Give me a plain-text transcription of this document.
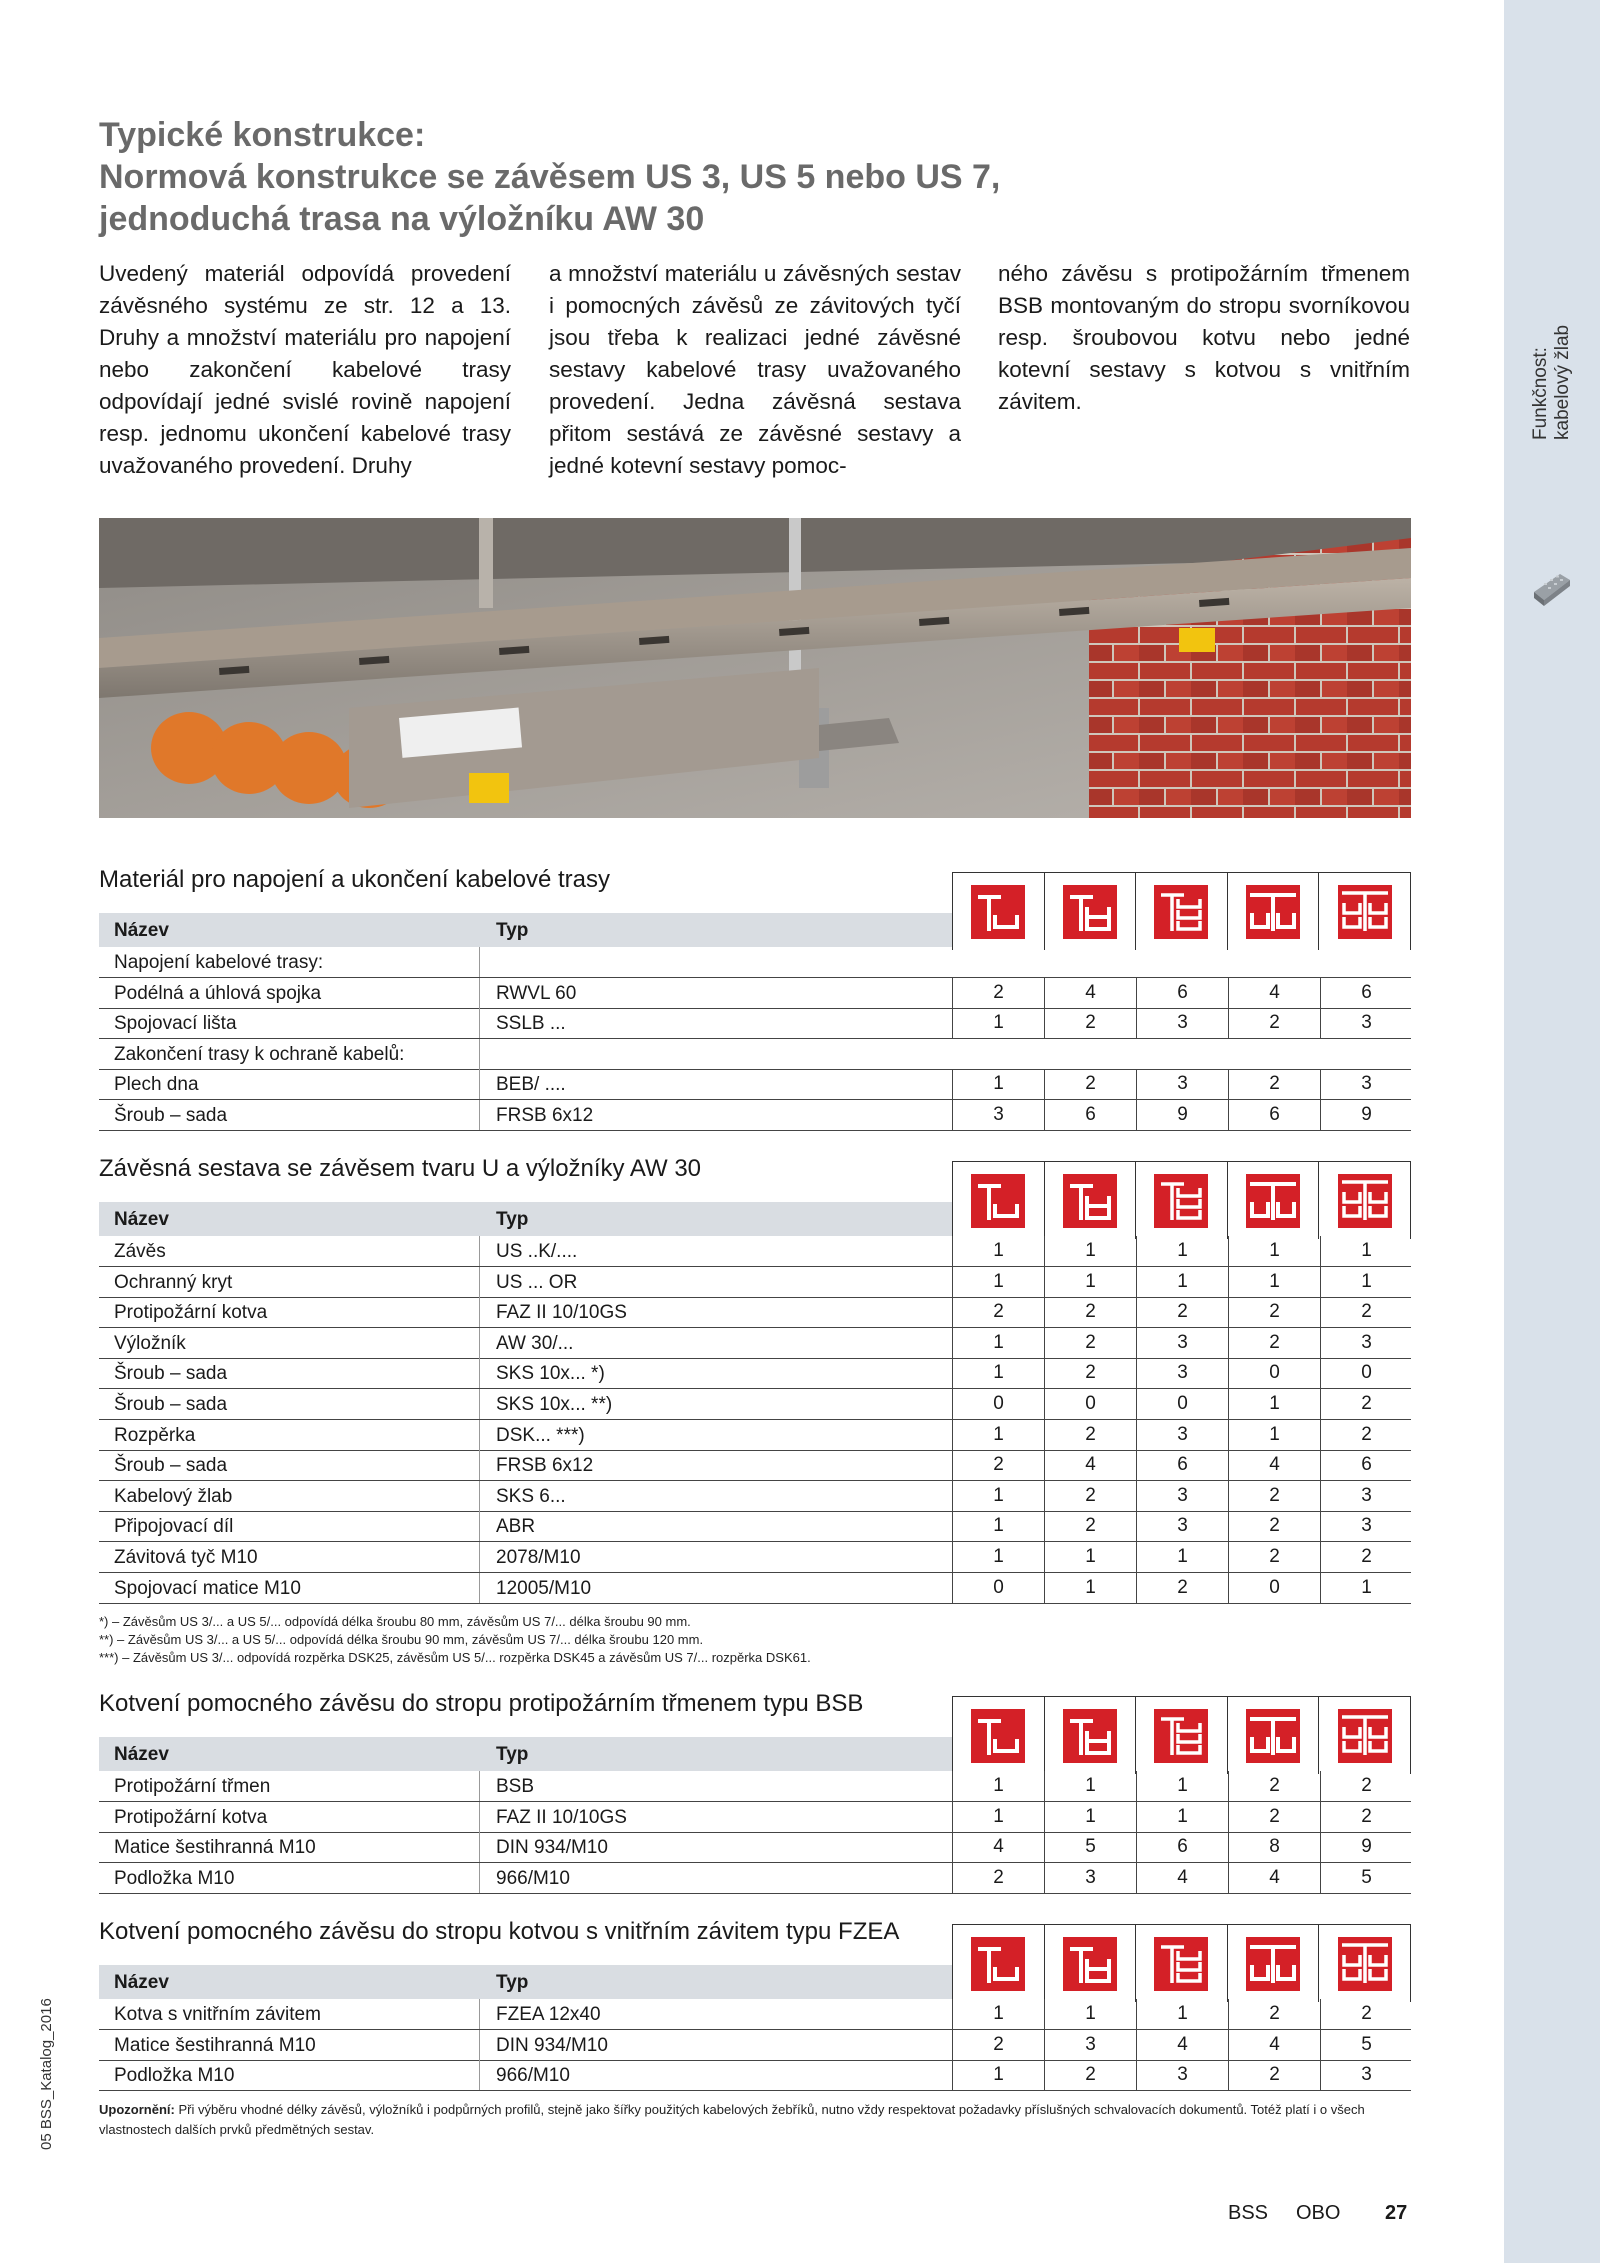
Funkčnost: kabelový žlab
Typické konstrukce:
Normová konstrukce se závěsem US 3, US 5 nebo US 7,
jednoduchá trasa na výložníku AW 30
Uvedený materiál odpovídá provedení závěsného systému ze str. 12 a 13. Druhy a množství materiálu pro napojení nebo zakončení kabelové trasy odpovídají jedné svislé rovině napojení resp. jednomu ukončení kabelové trasy uvažovaného provedení. Druhy
a množství materiálu u závěsných sestav i pomocných závěsů ze závitových tyčí jsou třeba k realizaci jedné závěsné sestavy kabelové trasy uvažovaného provedení. Jedna závěsná sestava přitom sestává ze závěsné sestavy a jedné kotevní sestavy pomoc-
ného závěsu s protipožárním třmenem BSB montovaným do stropu svorníkovou resp. šroubovou kotvu nebo jedné kotevní sestavy s kotvou s vnitřním závitem.
Materiál pro napojení a ukončení kabelové trasy
Název	Typ
Napojení kabelové trasy:
Podélná a úhlová spojka	RWVL 60	2	4	6	4	6
Spojovací lišta	SSLB ...	1	2	3	2	3
Zakončení trasy k ochraně kabelů:
Plech dna	BEB/ ....	1	2	3	2	3
Šroub – sada	FRSB 6x12	3	6	9	6	9
Závěsná sestava se závěsem tvaru U a výložníky AW 30
Název	Typ
Závěs	US ..K/....	1	1	1	1	1
Ochranný kryt	US ... OR	1	1	1	1	1
Protipožární kotva	FAZ II 10/10GS	2	2	2	2	2
Výložník	AW 30/...	1	2	3	2	3
Šroub – sada	SKS 10x... *)	1	2	3	0	0
Šroub – sada	SKS 10x... **)	0	0	0	1	2
Rozpěrka	DSK... ***)	1	2	3	1	2
Šroub – sada	FRSB 6x12	2	4	6	4	6
Kabelový žlab	SKS 6...	1	2	3	2	3
Připojovací díl	ABR	1	2	3	2	3
Závitová tyč M10	2078/M10	1	1	1	2	2
Spojovací matice M10	12005/M10	0	1	2	0	1
*) – Závěsům US 3/... a US 5/... odpovídá délka šroubu 80 mm, závěsům US 7/... délka šroubu 90 mm.
**) – Závěsům US 3/... a US 5/... odpovídá délka šroubu 90 mm, závěsům US 7/... délka šroubu 120 mm.
***) – Závěsům US 3/... odpovídá rozpěrka DSK25, závěsům US 5/... rozpěrka DSK45 a závěsům US 7/... rozpěrka DSK61.
Kotvení pomocného závěsu do stropu protipožárním třmenem typu BSB
Název	Typ
Protipožární třmen	BSB	1	1	1	2	2
Protipožární kotva	FAZ II 10/10GS	1	1	1	2	2
Matice šestihranná M10	DIN 934/M10	4	5	6	8	9
Podložka M10	966/M10	2	3	4	4	5
Kotvení pomocného závěsu do stropu kotvou s vnitřním závitem typu FZEA
Název	Typ
Kotva s vnitřním závitem	FZEA 12x40	1	1	1	2	2
Matice šestihranná M10	DIN 934/M10	2	3	4	4	5
Podložka M10	966/M10	1	2	3	2	3
Upozornění: Při výběru vhodné délky závěsů, výložníků i podpůrných profilů, stejně jako šířky použitých kabelových žebříků, nutno vždy respektovat požadavky příslušných schvalovacích dokumentů. Totéž platí i o všech vlastnostech dalších prvků předmětných sestav.
BSS OBO 27
05 BSS_Katalog_2016
